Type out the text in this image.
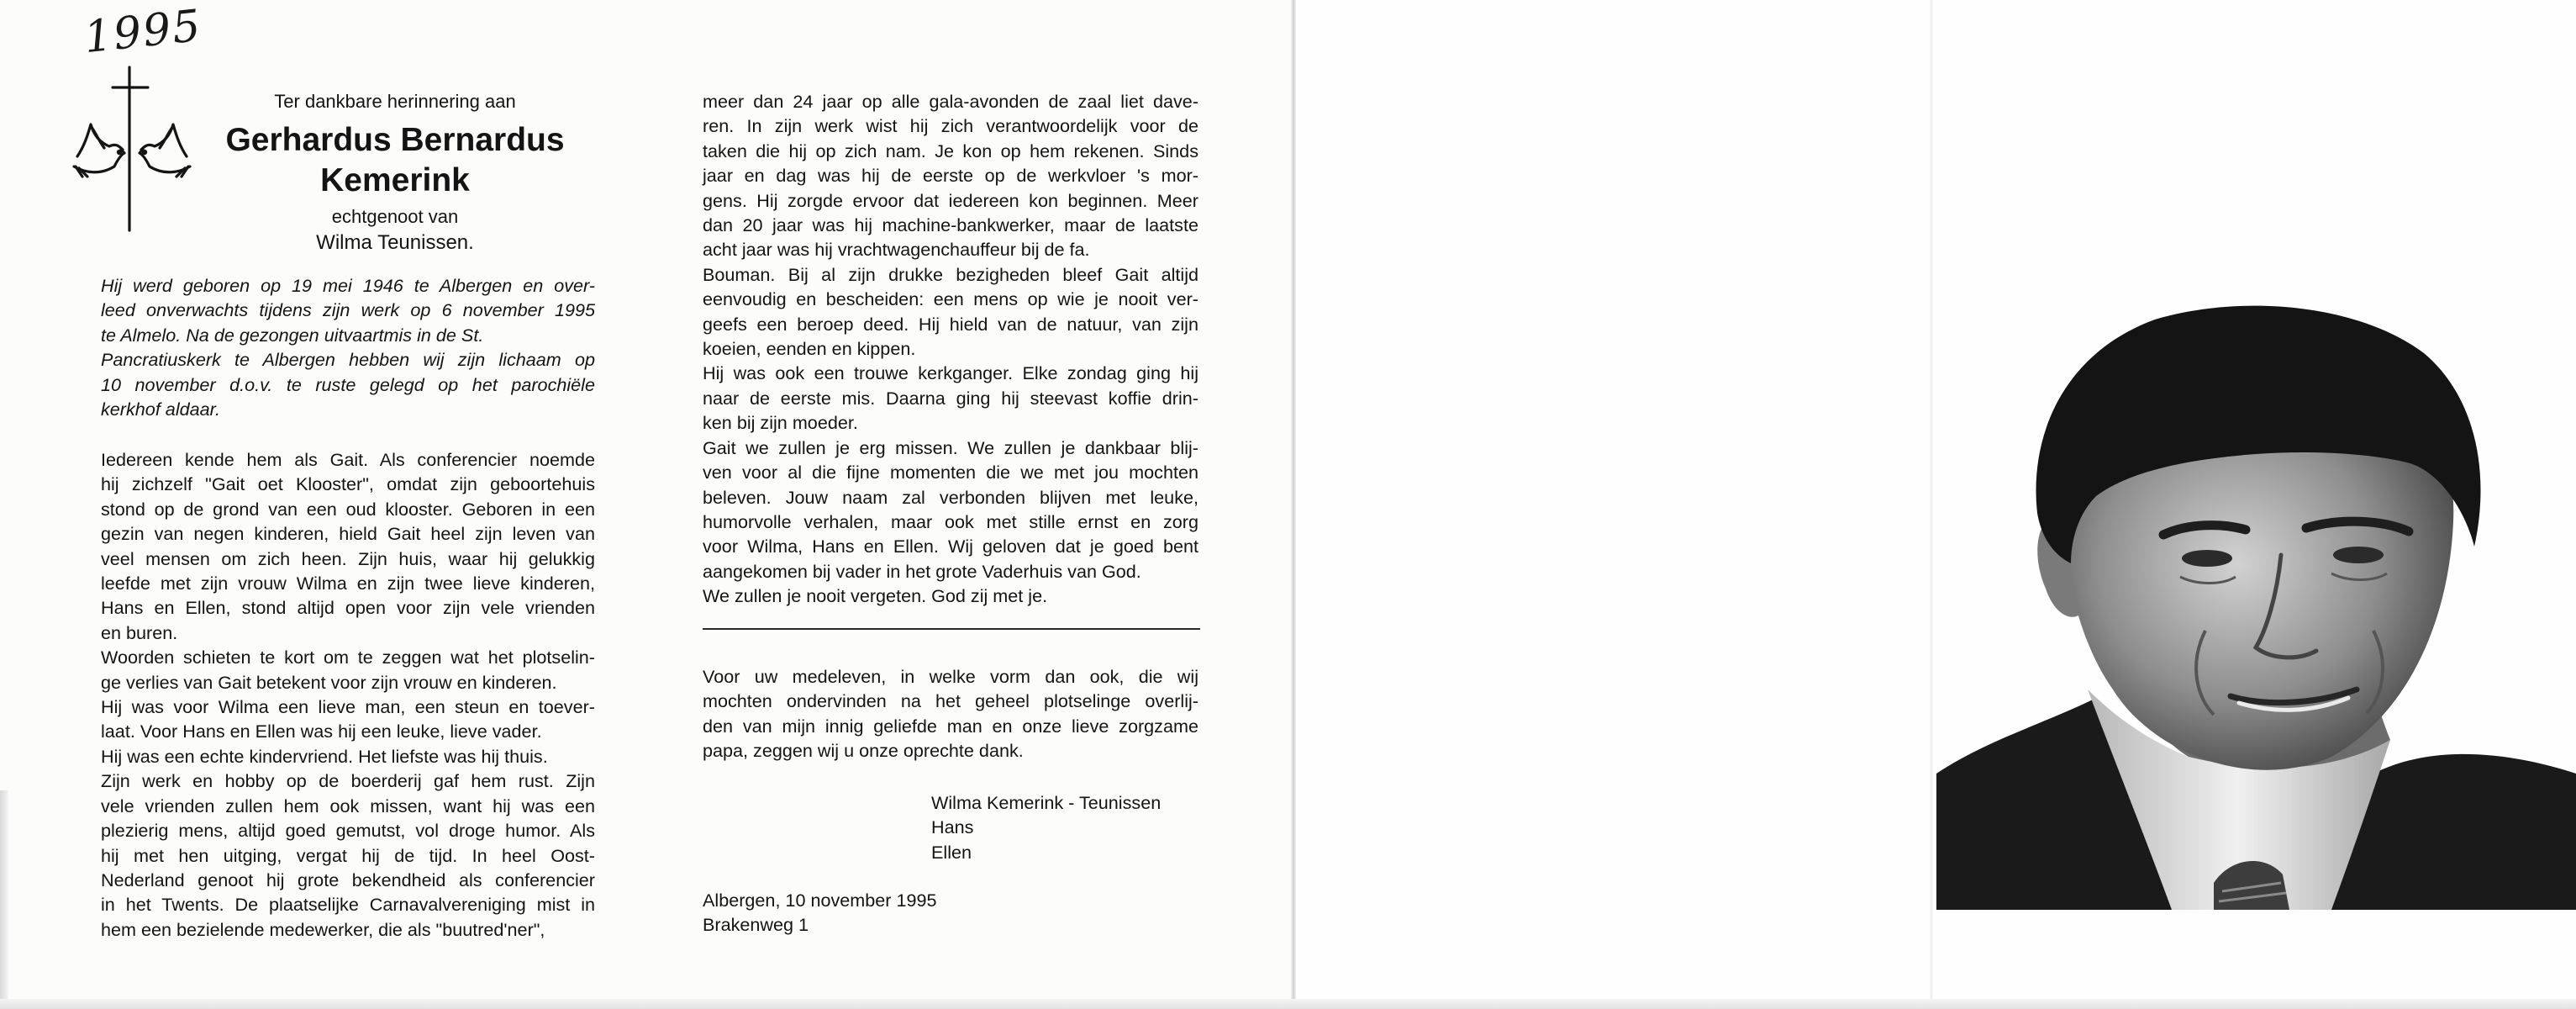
1995
Ter dankbare herinnering aan
Gerhardus Bernardus
Kemerink
echtgenoot van
Wilma Teunissen.

Hij werd geboren op 19 mei 1946 te Albergen en over-

leed onverwachts tijdens zijn werk op 6 november 1995

te Almelo. Na de gezongen uitvaartmis in de St.

Pancratiuskerk te Albergen hebben wij zijn lichaam op

10 november d.o.v. te ruste gelegd op het parochiële

kerkhof aldaar.

Iedereen kende hem als Gait. Als conferencier noemde

hij zichzelf "Gait oet Klooster", omdat zijn geboortehuis

stond op de grond van een oud klooster. Geboren in een

gezin van negen kinderen, hield Gait heel zijn leven van

veel mensen om zich heen. Zijn huis, waar hij gelukkig

leefde met zijn vrouw Wilma en zijn twee lieve kinderen,

Hans en Ellen, stond altijd open voor zijn vele vrienden

en buren.

Woorden schieten te kort om te zeggen wat het plotselin-

ge verlies van Gait betekent voor zijn vrouw en kinderen.

Hij was voor Wilma een lieve man, een steun en toever-

laat. Voor Hans en Ellen was hij een leuke, lieve vader.

Hij was een echte kindervriend. Het liefste was hij thuis.

Zijn werk en hobby op de boerderij gaf hem rust. Zijn

vele vrienden zullen hem ook missen, want hij was een

plezierig mens, altijd goed gemutst, vol droge humor. Als

hij met hen uitging, vergat hij de tijd. In heel Oost-

Nederland genoot hij grote bekendheid als conferencier

in het Twents. De plaatselijke Carnavalvereniging mist in

hem een bezielende medewerker, die als "buutred'ner",

meer dan 24 jaar op alle gala-avonden de zaal liet dave-

ren. In zijn werk wist hij zich verantwoordelijk voor de

taken die hij op zich nam. Je kon op hem rekenen. Sinds

jaar en dag was hij de eerste op de werkvloer 's mor-

gens. Hij zorgde ervoor dat iedereen kon beginnen. Meer

dan 20 jaar was hij machine-bankwerker, maar de laatste

acht jaar was hij vrachtwagenchauffeur bij de fa.

Bouman. Bij al zijn drukke bezigheden bleef Gait altijd

eenvoudig en bescheiden: een mens op wie je nooit ver-

geefs een beroep deed. Hij hield van de natuur, van zijn

koeien, eenden en kippen.

Hij was ook een trouwe kerkganger. Elke zondag ging hij

naar de eerste mis. Daarna ging hij steevast koffie drin-

ken bij zijn moeder.

Gait we zullen je erg missen. We zullen je dankbaar blij-

ven voor al die fijne momenten die we met jou mochten

beleven. Jouw naam zal verbonden blijven met leuke,

humorvolle verhalen, maar ook met stille ernst en zorg

voor Wilma, Hans en Ellen. Wij geloven dat je goed bent

aangekomen bij vader in het grote Vaderhuis van God.

We zullen je nooit vergeten. God zij met je.

Voor uw medeleven, in welke vorm dan ook, die wij

mochten ondervinden na het geheel plotselinge overlij-

den van mijn innig geliefde man en onze lieve zorgzame

papa, zeggen wij u onze oprechte dank.

Wilma Kemerink - Teunissen
Hans
Ellen
Albergen, 10 november 1995
Brakenweg 1
